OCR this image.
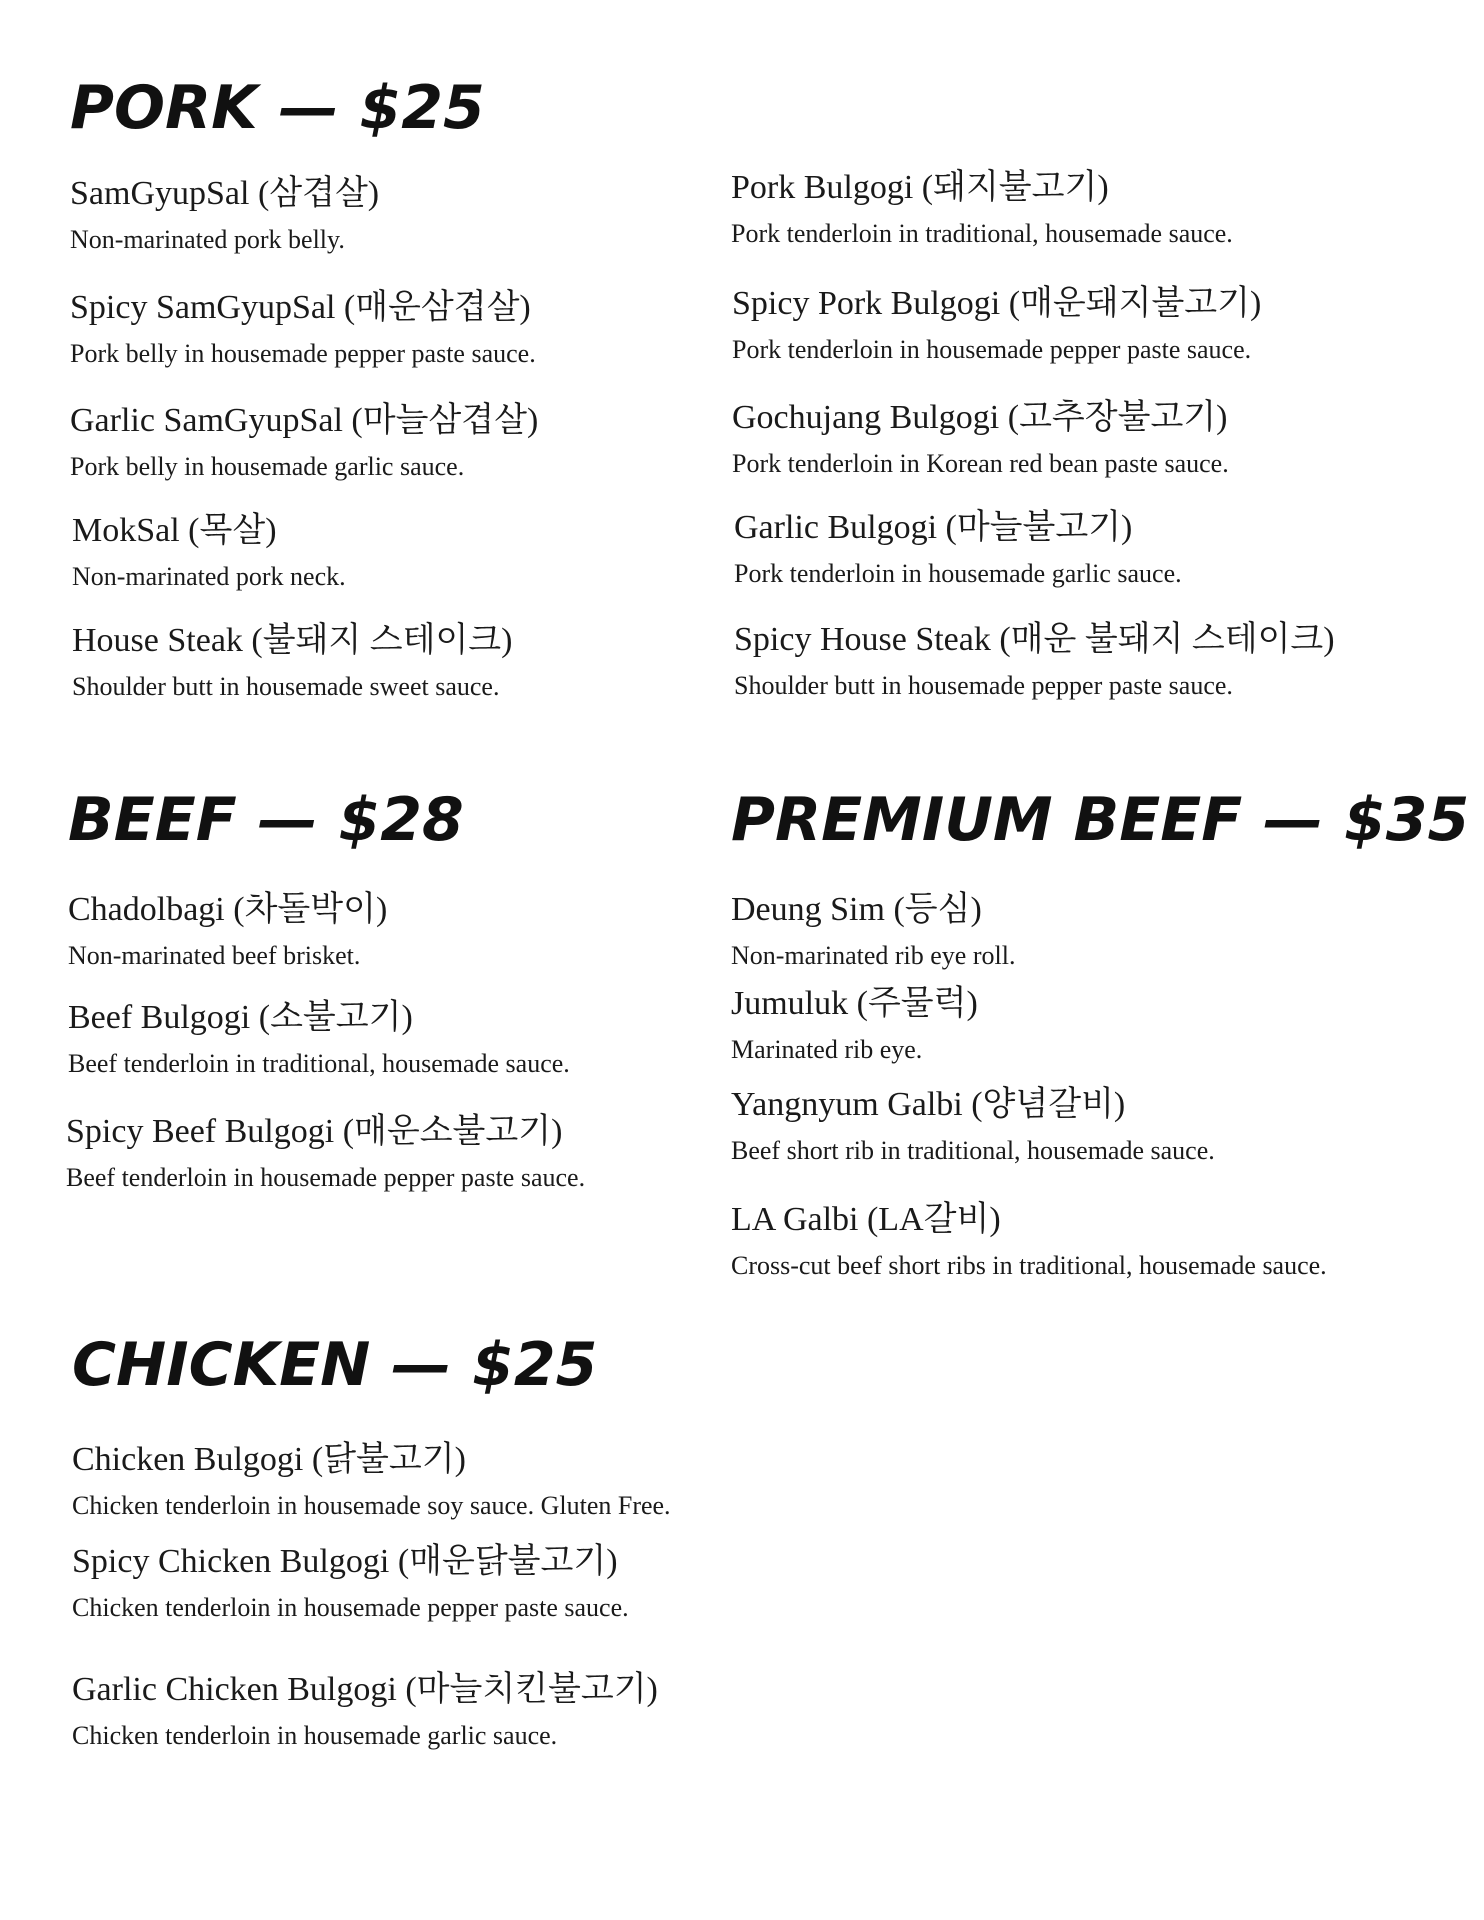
PORK — $25
SamGyupSal (삼겹살)
Non-marinated pork belly.
Spicy SamGyupSal (매운삼겹살)
Pork belly in housemade pepper paste sauce.
Garlic SamGyupSal (마늘삼겹살)
Pork belly in housemade garlic sauce.
MokSal (목살)
Non-marinated pork neck.
House Steak (불돼지 스테이크)
Shoulder butt in housemade sweet sauce.
Pork Bulgogi (돼지불고기)
Pork tenderloin in traditional, housemade sauce.
Spicy Pork Bulgogi (매운돼지불고기)
Pork tenderloin in housemade pepper paste sauce.
Gochujang Bulgogi (고추장불고기)
Pork tenderloin in Korean red bean paste sauce.
Garlic Bulgogi (마늘불고기)
Pork tenderloin in housemade garlic sauce.
Spicy House Steak (매운 불돼지 스테이크)
Shoulder butt in housemade pepper paste sauce.
BEEF — $28
Chadolbagi (차돌박이)
Non-marinated beef brisket.
Beef Bulgogi (소불고기)
Beef tenderloin in traditional, housemade sauce.
Spicy Beef Bulgogi (매운소불고기)
Beef tenderloin in housemade pepper paste sauce.
PREMIUM BEEF — $35
Deung Sim (등심)
Non-marinated rib eye roll.
Jumuluk (주물럭)
Marinated rib eye.
Yangnyum Galbi (양념갈비)
Beef short rib in traditional, housemade sauce.
LA Galbi (LA갈비)
Cross-cut beef short ribs in traditional, housemade sauce.
CHICKEN — $25
Chicken Bulgogi (닭불고기)
Chicken tenderloin in housemade soy sauce. Gluten Free.
Spicy Chicken Bulgogi (매운닭불고기)
Chicken tenderloin in housemade pepper paste sauce.
Garlic Chicken Bulgogi (마늘치킨불고기)
Chicken tenderloin in housemade garlic sauce.
